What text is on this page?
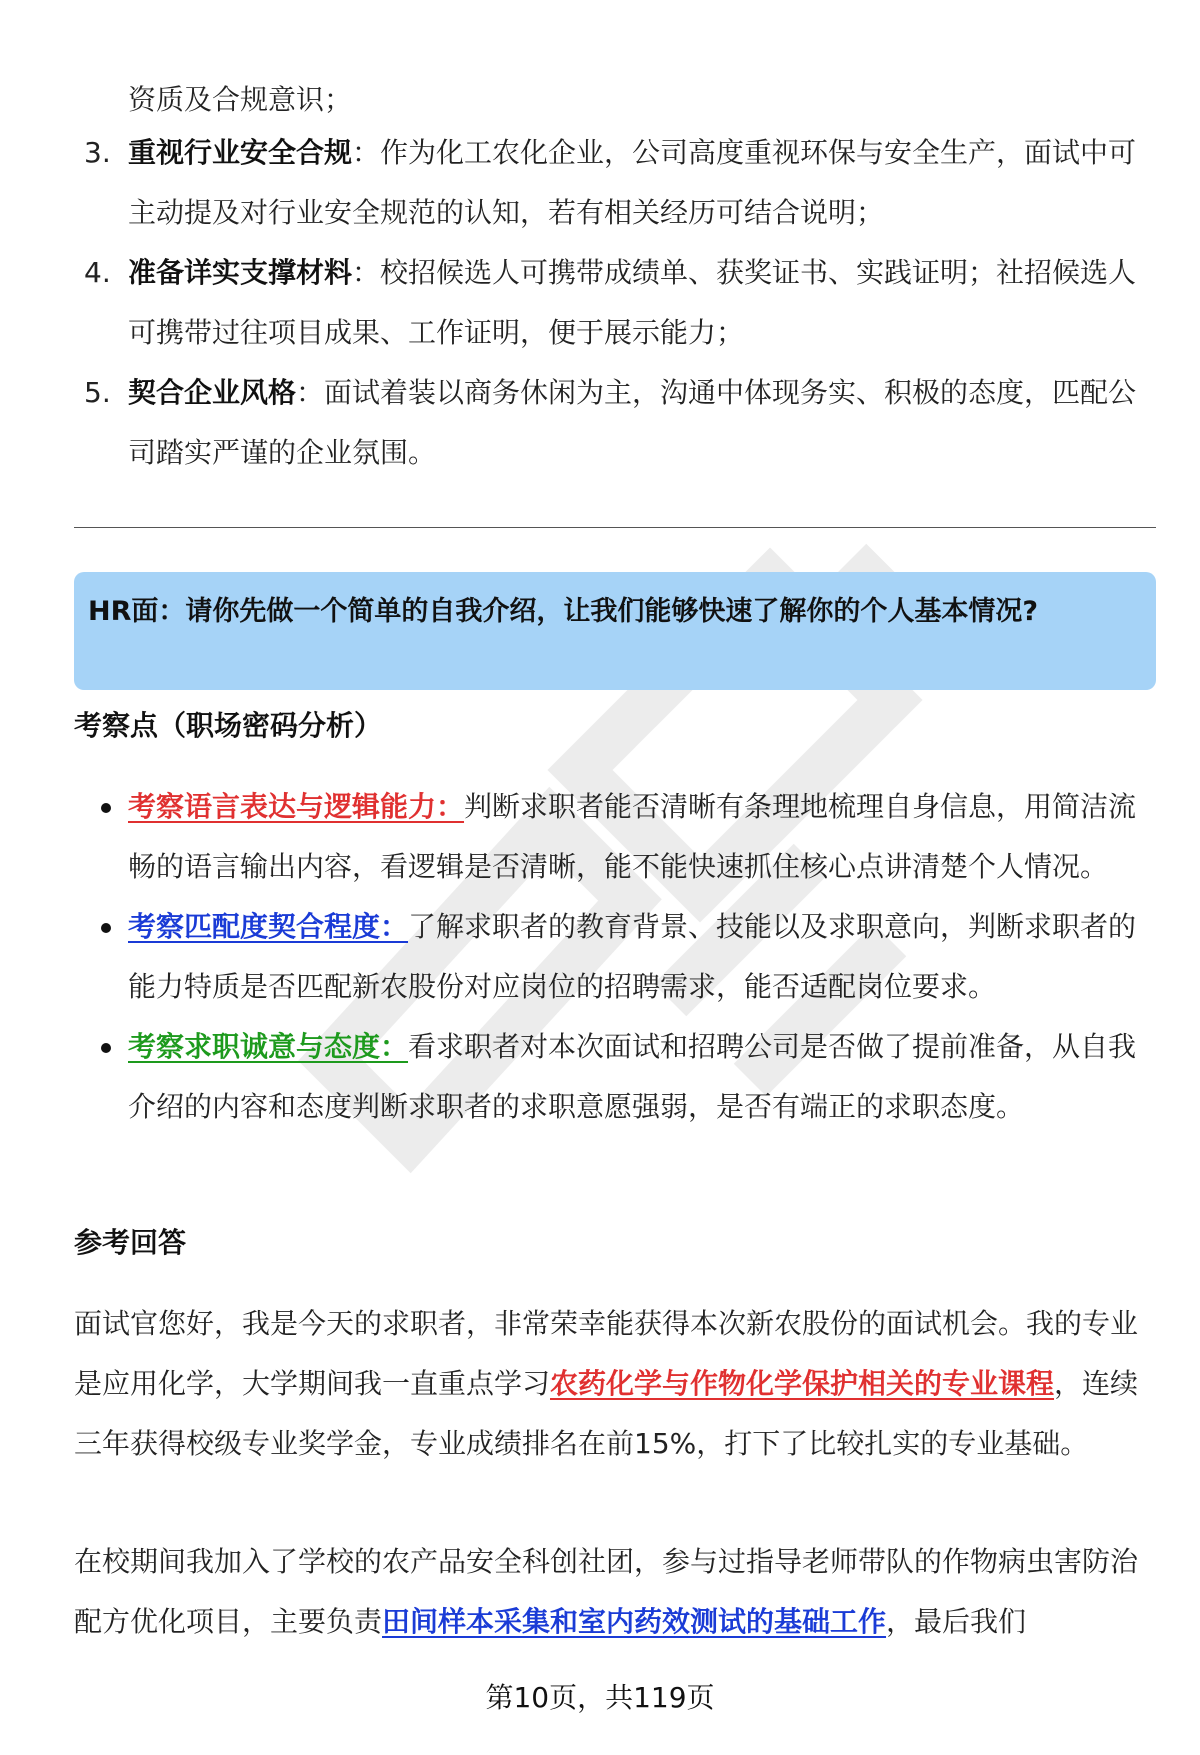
资质及合规意识；
3. 重视行业安全合规：作为化工农化企业，公司高度重视环保与安全生产，面试中可主动提及对行业安全规范的认知，若有相关经历可结合说明；
4. 准备详实支撑材料：校招候选人可携带成绩单、获奖证书、实践证明；社招候选人可携带过往项目成果、工作证明，便于展示能力；
5. 契合企业风格：面试着装以商务休闲为主，沟通中体现务实、积极的态度，匹配公司踏实严谨的企业氛围。
HR面：请你先做一个简单的自我介绍，让我们能够快速了解你的个人基本情况?
考察点（职场密码分析）
考察语言表达与逻辑能力：判断求职者能否清晰有条理地梳理自身信息，用简洁流畅的语言输出内容，看逻辑是否清晰，能不能快速抓住核心点讲清楚个人情况。
考察匹配度契合程度：了解求职者的教育背景、技能以及求职意向，判断求职者的能力特质是否匹配新农股份对应岗位的招聘需求，能否适配岗位要求。
考察求职诚意与态度：看求职者对本次面试和招聘公司是否做了提前准备，从自我介绍的内容和态度判断求职者的求职意愿强弱，是否有端正的求职态度。
参考回答
面试官您好，我是今天的求职者，非常荣幸能获得本次新农股份的面试机会。我的专业是应用化学，大学期间我一直重点学习农药化学与作物化学保护相关的专业课程，连续三年获得校级专业奖学金，专业成绩排名在前15%，打下了比较扎实的专业基础。
在校期间我加入了学校的农产品安全科创社团，参与过指导老师带队的作物病虫害防治配方优化项目，主要负责田间样本采集和室内药效测试的基础工作，最后我们
第10页，共119页
